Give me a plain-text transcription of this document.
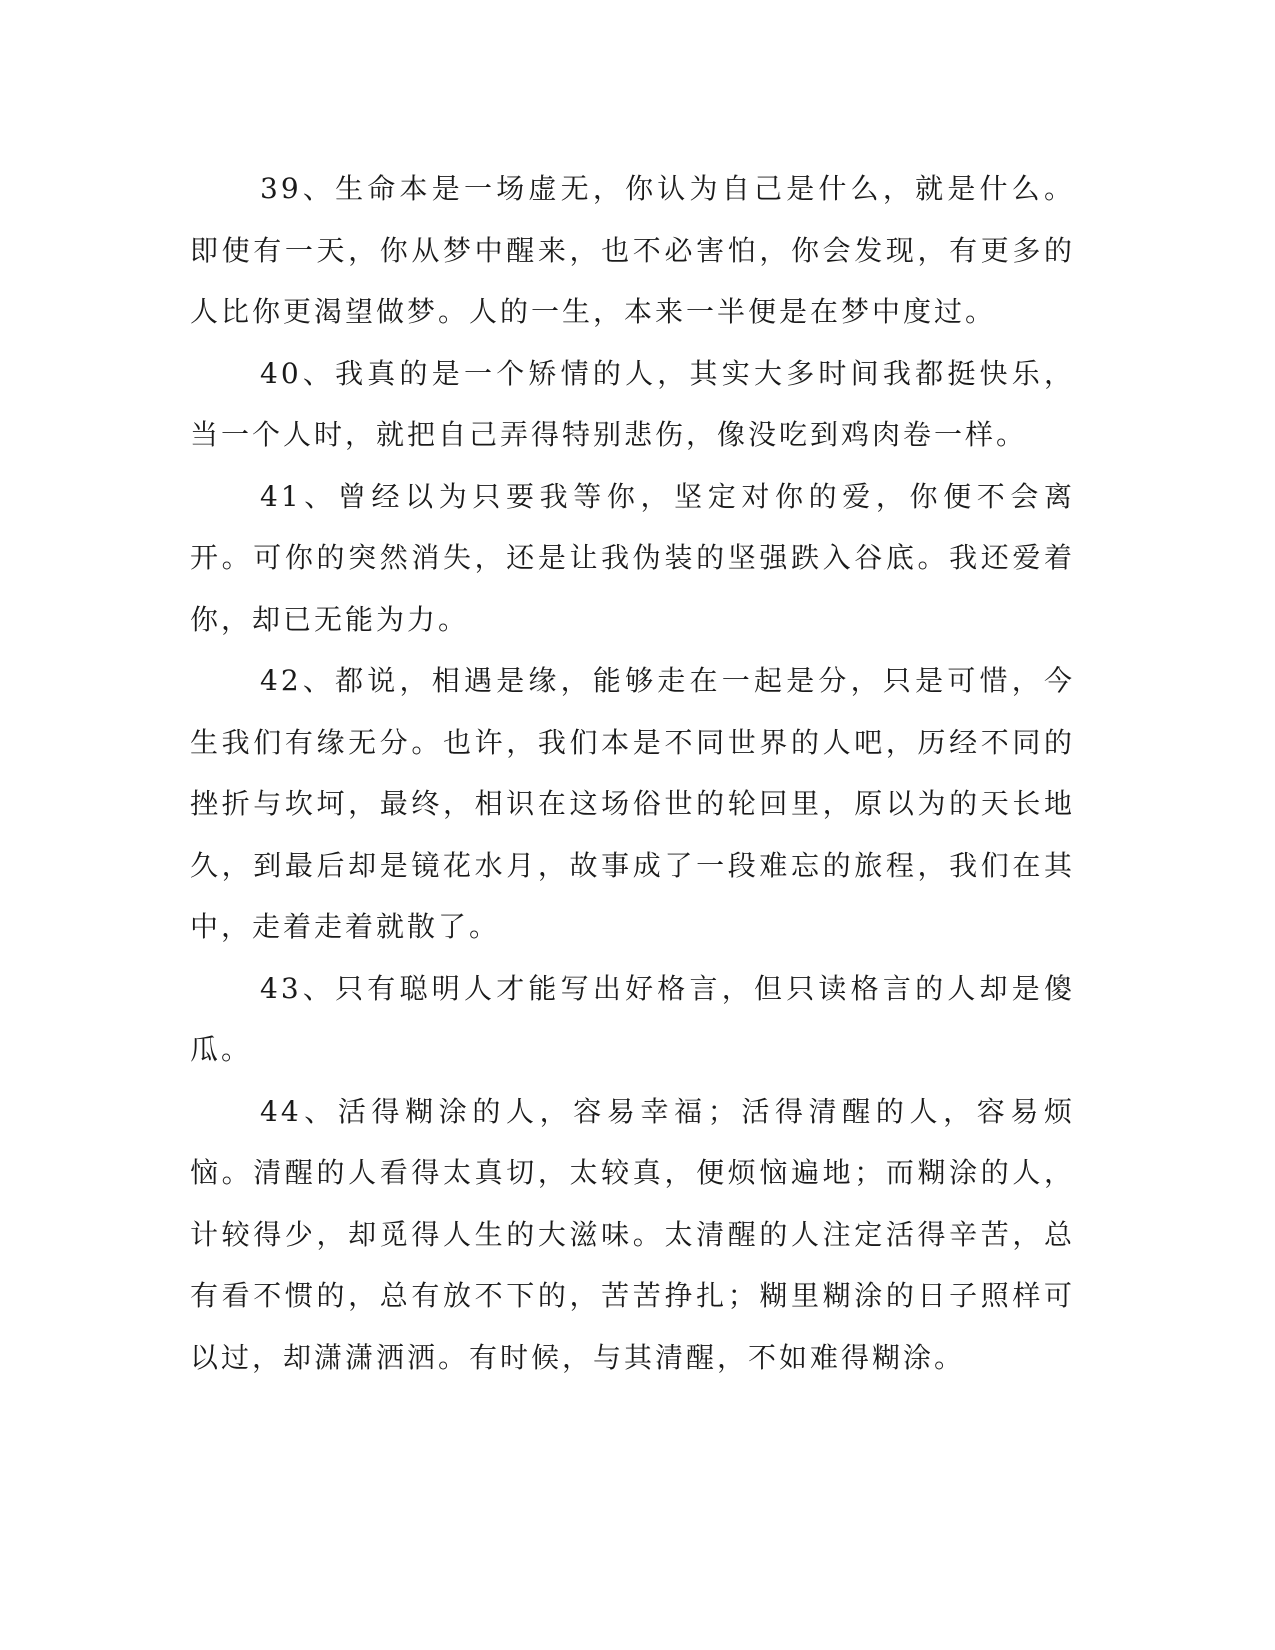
39、生命本是一场虚无，你认为自己是什么，就是什么。即使有一天，你从梦中醒来，也不必害怕，你会发现，有更多的人比你更渴望做梦。人的一生，本来一半便是在梦中度过。

40、我真的是一个矫情的人，其实大多时间我都挺快乐，当一个人时，就把自己弄得特别悲伤，像没吃到鸡肉卷一样。

41、曾经以为只要我等你，坚定对你的爱，你便不会离开。可你的突然消失，还是让我伪装的坚强跌入谷底。我还爱着你，却已无能为力。

42、都说，相遇是缘，能够走在一起是分，只是可惜，今生我们有缘无分。也许，我们本是不同世界的人吧，历经不同的挫折与坎坷，最终，相识在这场俗世的轮回里，原以为的天长地久，到最后却是镜花水月，故事成了一段难忘的旅程，我们在其中，走着走着就散了。

43、只有聪明人才能写出好格言，但只读格言的人却是傻瓜。

44、活得糊涂的人，容易幸福；活得清醒的人，容易烦恼。清醒的人看得太真切，太较真，便烦恼遍地；而糊涂的人，计较得少，却觅得人生的大滋味。太清醒的人注定活得辛苦，总有看不惯的，总有放不下的，苦苦挣扎；糊里糊涂的日子照样可以过，却潇潇洒洒。有时候，与其清醒，不如难得糊涂。
